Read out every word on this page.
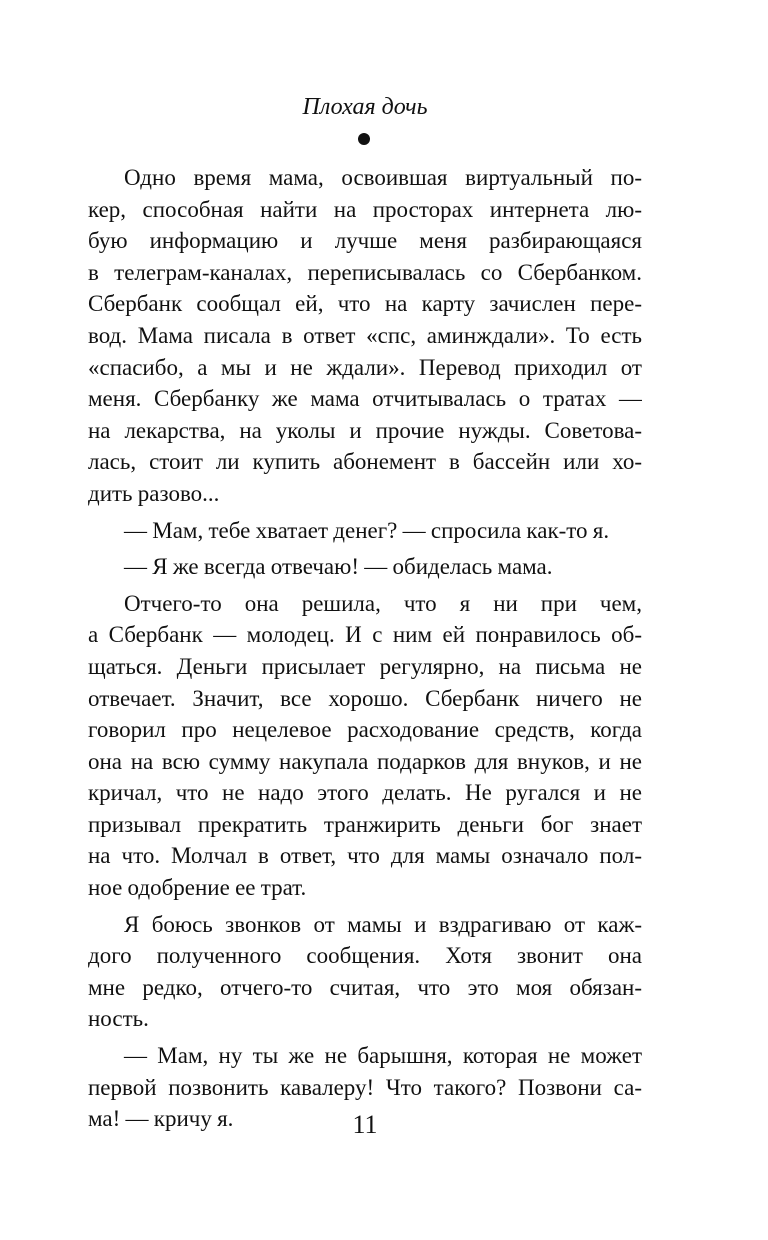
Плохая дочь
Одно время мама, освоившая виртуальный по-
кер, способная найти на просторах интернета лю-
бую информацию и лучше меня разбирающаяся
в телеграм-каналах, переписывалась со Сбербанком.
Сбербанк сообщал ей, что на карту зачислен пере-
вод. Мама писала в ответ «спс, аминждали». То есть
«спасибо, а мы и не ждали». Перевод приходил от
меня. Сбербанку же мама отчитывалась о тратах —
на лекарства, на уколы и прочие нужды. Советова-
лась, стоит ли купить абонемент в бассейн или хо-
дить разово...
— Мам, тебе хватает денег? — спросила как-то я.
— Я же всегда отвечаю! — обиделась мама.
Отчего-то она решила, что я ни при чем,
а Сбербанк — молодец. И с ним ей понравилось об-
щаться. Деньги присылает регулярно, на письма не
отвечает. Значит, все хорошо. Сбербанк ничего не
говорил про нецелевое расходование средств, когда
она на всю сумму накупала подарков для внуков, и не
кричал, что не надо этого делать. Не ругался и не
призывал прекратить транжирить деньги бог знает
на что. Молчал в ответ, что для мамы означало пол-
ное одобрение ее трат.
Я боюсь звонков от мамы и вздрагиваю от каж-
дого полученного сообщения. Хотя звонит она
мне редко, отчего-то считая, что это моя обязан-
ность.
— Мам, ну ты же не барышня, которая не может
первой позвонить кавалеру! Что такого? Позвони са-
ма! — кричу я.	11
